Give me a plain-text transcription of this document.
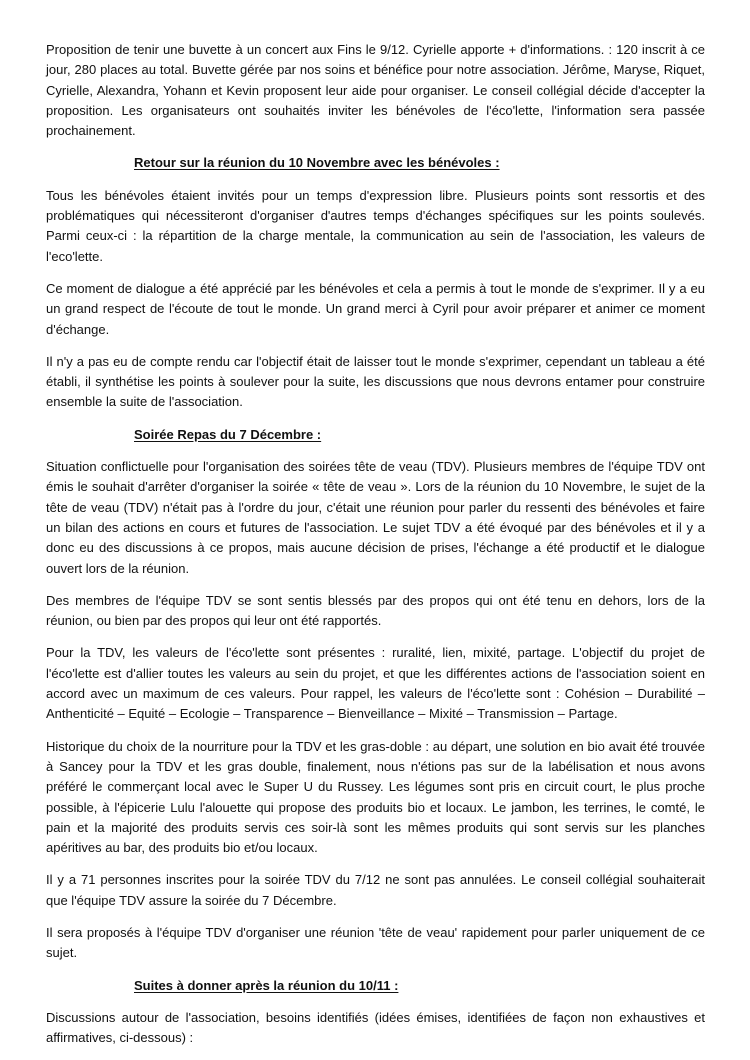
Proposition de tenir une buvette à un concert aux Fins le 9/12. Cyrielle apporte + d'informations. : 120 inscrit à ce jour, 280 places au total. Buvette gérée par nos soins et bénéfice pour notre association. Jérôme, Maryse, Riquet, Cyrielle, Alexandra, Yohann et Kevin proposent leur aide pour organiser. Le conseil collégial décide d'accepter la proposition. Les organisateurs ont souhaités inviter les bénévoles de l'éco'lette, l'information sera passée prochainement.

Retour sur la réunion du 10 Novembre avec les bénévoles :

Tous les bénévoles étaient invités pour un temps d'expression libre. Plusieurs points sont ressortis et des problématiques qui nécessiteront d'organiser d'autres temps d'échanges spécifiques sur les points soulevés. Parmi ceux-ci : la répartition de la charge mentale, la communication au sein de l'association, les valeurs de l'eco'lette.

Ce moment de dialogue a été apprécié par les bénévoles et cela a permis à tout le monde de s'exprimer. Il y a eu un grand respect de l'écoute de tout le monde. Un grand merci à Cyril pour avoir préparer et animer ce moment d'échange.

Il n'y a pas eu de compte rendu car l'objectif était de laisser tout le monde s'exprimer, cependant un tableau a été établi, il synthétise les points à soulever pour la suite, les discussions que nous devrons entamer pour construire ensemble la suite de l'association.

Soirée Repas du 7 Décembre :

Situation conflictuelle pour l'organisation des soirées tête de veau (TDV). Plusieurs membres de l'équipe TDV ont émis le souhait d'arrêter d'organiser la soirée « tête de veau ». Lors de la réunion du 10 Novembre, le sujet de la tête de veau (TDV) n'était pas à l'ordre du jour, c'était une réunion pour parler du ressenti des bénévoles et faire un bilan des actions en cours et futures de l'association. Le sujet TDV a été évoqué par des bénévoles et il y a donc eu des discussions à ce propos, mais aucune décision de prises, l'échange a été productif et le dialogue ouvert lors de la réunion.

Des membres de l'équipe TDV se sont sentis blessés par des propos qui ont été tenu en dehors, lors de la réunion, ou bien par des propos qui leur ont été rapportés.

Pour la TDV, les valeurs de l'éco'lette sont présentes : ruralité, lien, mixité, partage. L'objectif du projet de l'éco'lette est d'allier toutes les valeurs au sein du projet, et que les différentes actions de l'association soient en accord avec un maximum de ces valeurs. Pour rappel, les valeurs de l'éco'lette sont : Cohésion – Durabilité – Anthenticité – Equité – Ecologie – Transparence – Bienveillance – Mixité – Transmission – Partage.

Historique du choix de la nourriture pour la TDV et les gras-doble : au départ, une solution en bio avait été trouvée à Sancey pour la TDV et les gras double, finalement, nous n'étions pas sur de la labélisation et nous avons préféré le commerçant local avec le Super U du Russey. Les légumes sont pris en circuit court, le plus proche possible, à l'épicerie Lulu l'alouette qui propose des produits bio et locaux. Le jambon, les terrines, le comté, le pain et la majorité des produits servis ces soir-là sont les mêmes produits qui sont servis sur les planches apéritives au bar, des produits bio et/ou locaux.

Il y a 71 personnes inscrites pour la soirée TDV du 7/12 ne sont pas annulées. Le conseil collégial souhaiterait que l'équipe TDV assure la soirée du 7 Décembre.

Il sera proposés à l'équipe TDV d'organiser une réunion 'tête de veau' rapidement pour parler uniquement de ce sujet.

Suites à donner après la réunion du 10/11 :

Discussions autour de l'association, besoins identifiés (idées émises, identifiées de façon non exhaustives et affirmatives, ci-dessous) :
